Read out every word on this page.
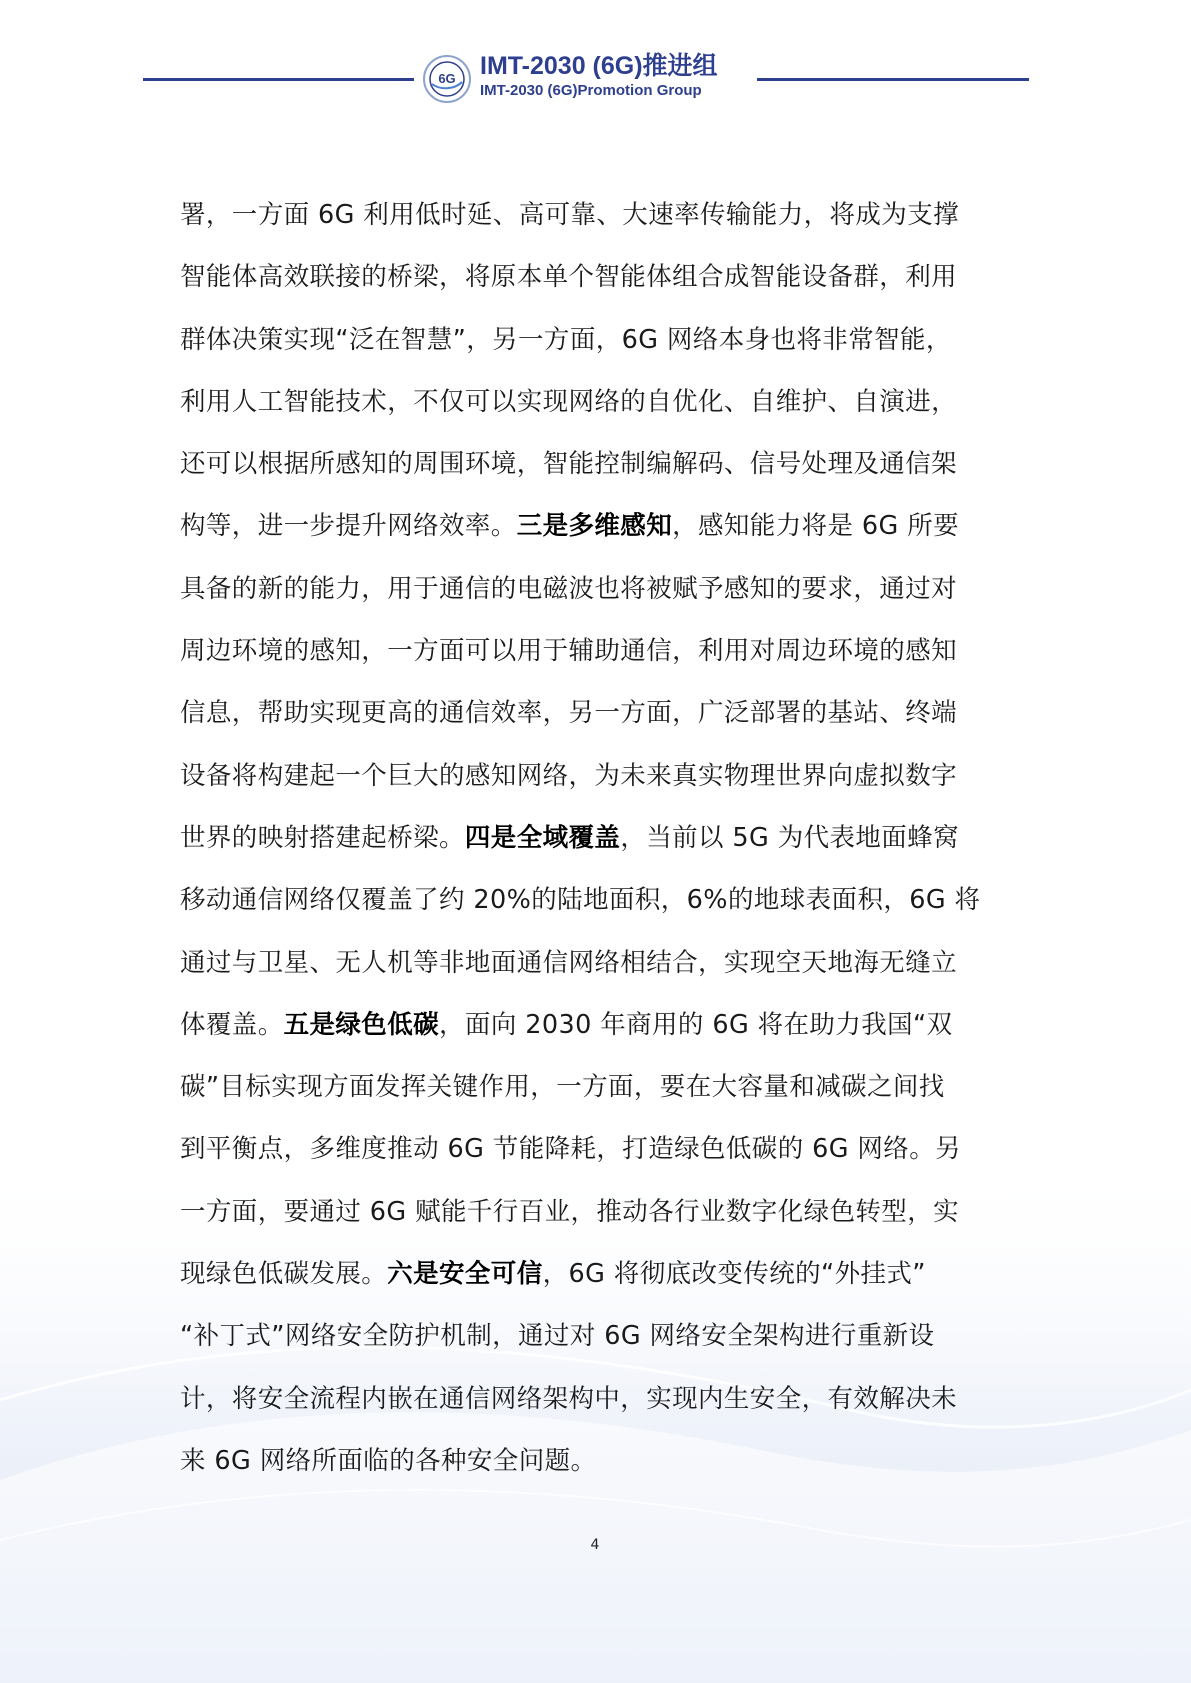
6G IMT-2030 (6G)推进组
IMT-2030 (6G)Promotion Group
署，一方面 6G 利用低时延、高可靠、大速率传输能力，将成为支撑
智能体高效联接的桥梁，将原本单个智能体组合成智能设备群，利用
群体决策实现“泛在智慧”，另一方面，6G 网络本身也将非常智能，
利用人工智能技术，不仅可以实现网络的自优化、自维护、自演进，
还可以根据所感知的周围环境，智能控制编解码、信号处理及通信架
构等，进一步提升网络效率。三是多维感知，感知能力将是 6G 所要
具备的新的能力，用于通信的电磁波也将被赋予感知的要求，通过对
周边环境的感知，一方面可以用于辅助通信，利用对周边环境的感知
信息，帮助实现更高的通信效率，另一方面，广泛部署的基站、终端
设备将构建起一个巨大的感知网络，为未来真实物理世界向虚拟数字
世界的映射搭建起桥梁。四是全域覆盖，当前以 5G 为代表地面蜂窝
移动通信网络仅覆盖了约 20%的陆地面积，6%的地球表面积，6G 将
通过与卫星、无人机等非地面通信网络相结合，实现空天地海无缝立
体覆盖。五是绿色低碳，面向 2030 年商用的 6G 将在助力我国“双
碳”目标实现方面发挥关键作用，一方面，要在大容量和减碳之间找
到平衡点，多维度推动 6G 节能降耗，打造绿色低碳的 6G 网络。另
一方面，要通过 6G 赋能千行百业，推动各行业数字化绿色转型，实
现绿色低碳发展。六是安全可信，6G 将彻底改变传统的“外挂式”
“补丁式”网络安全防护机制，通过对 6G 网络安全架构进行重新设
计，将安全流程内嵌在通信网络架构中，实现内生安全，有效解决未
来 6G 网络所面临的各种安全问题。
4
